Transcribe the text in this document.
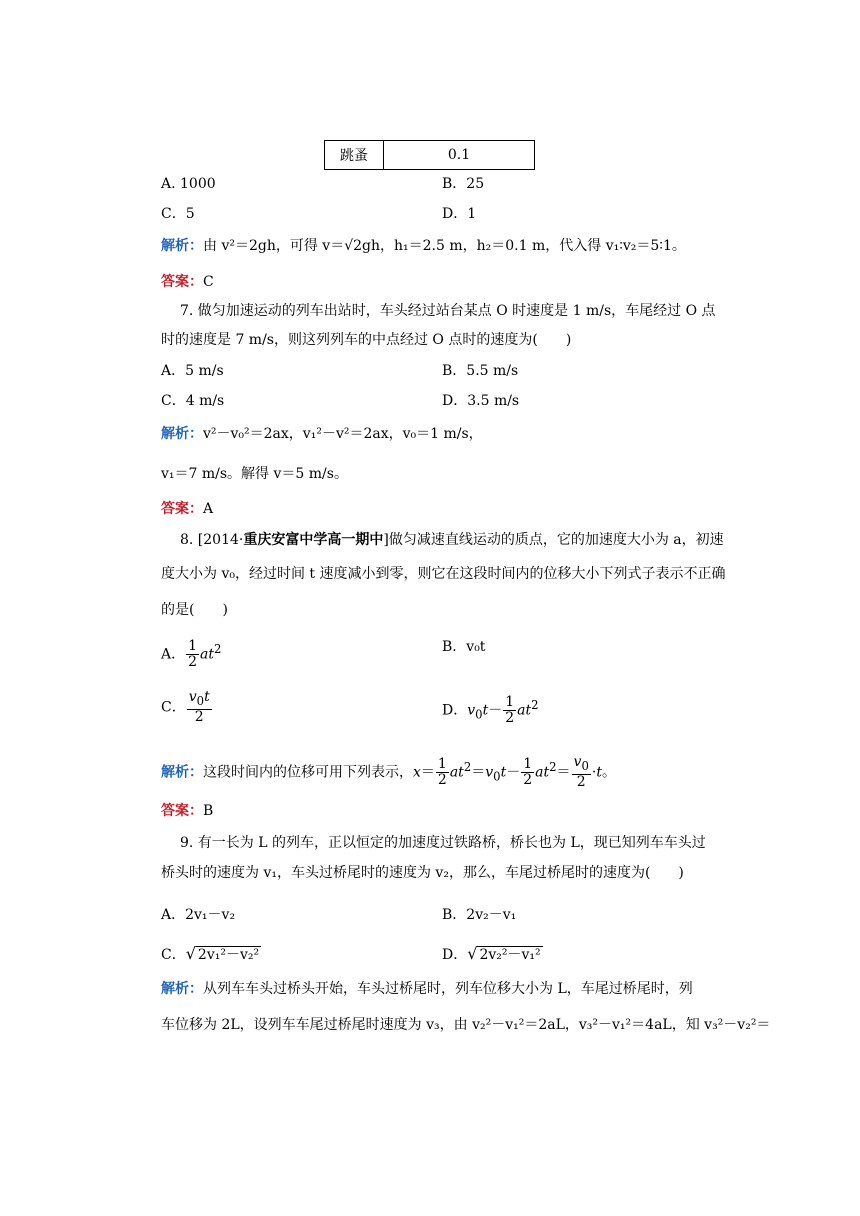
跳蚤	0.1
A. 1000	B．25
C．5	D．1
解析：由 v²＝2gh，可得 v＝√2gh，h₁＝2.5 m，h₂＝0.1 m，代入得 v₁∶v₂＝5∶1。
答案：C
7. 做匀加速运动的列车出站时，车头经过站台某点 O 时速度是 1 m/s，车尾经过 O 点
时的速度是 7 m/s，则这列列车的中点经过 O 点时的速度为(　　)
A．5 m/s	B．5.5 m/s
C．4 m/s	D．3.5 m/s
解析：v²－v₀²＝2ax，v₁²－v²＝2ax，v₀＝1 m/s，
v₁＝7 m/s。解得 v＝5 m/s。
答案：A
8. [2014·重庆安富中学高一期中]做匀减速直线运动的质点，它的加速度大小为 a，初速
度大小为 v₀，经过时间 t 速度减小到零，则它在这段时间内的位移大小下列式子表示不正确
的是(　　)
A． $\frac{1}{2} at^2$	B．v₀t
C． $\frac{v_0t}{2}$	D．$v_0t- \frac{1}{2} at^2$
解析：这段时间内的位移可用下列表示，$x= \frac{1}{2} at^2=v_0t- \frac{1}{2} at^2= \frac{v_0}{2} \cdot t$。
答案：B
9. 有一长为 L 的列车，正以恒定的加速度过铁路桥，桥长也为 L，现已知列车车头过
桥头时的速度为 v₁，车头过桥尾时的速度为 v₂，那么，车尾过桥尾时的速度为(　　)
A．2v₁－v₂	B．2v₂－v₁
C．√ 2v₁²－v₂²	D．√ 2v₂²－v₁²
解析：从列车车头过桥头开始，车头过桥尾时，列车位移大小为 L，车尾过桥尾时，列
车位移为 2L，设列车车尾过桥尾时速度为 v₃，由 v₂²－v₁²＝2aL，v₃²－v₁²＝4aL，知 v₃²－v₂²＝
